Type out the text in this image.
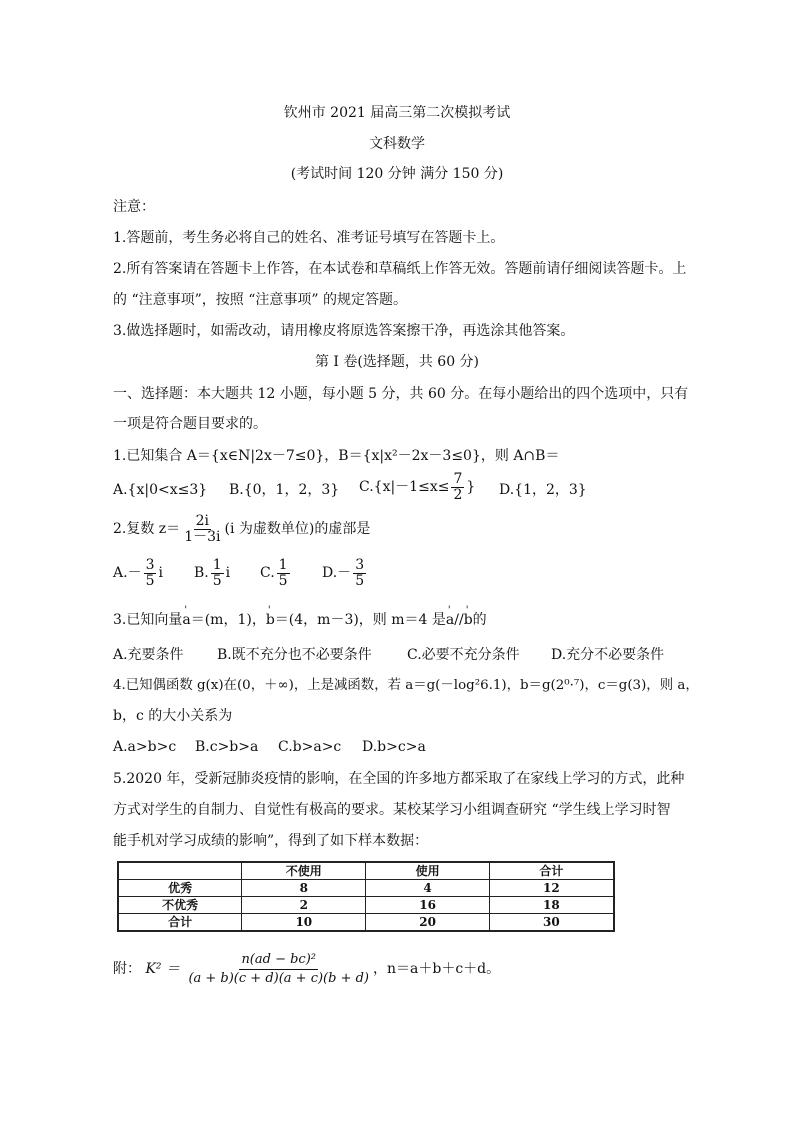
钦州市 2021 届高三第二次模拟考试
文科数学
(考试时间 120 分钟 满分 150 分)
注意：
1.答题前，考生务必将自己的姓名、准考证号填写在答题卡上。
2.所有答案请在答题卡上作答，在本试卷和草稿纸上作答无效。答题前请仔细阅读答题卡。上
的 “注意事项”，按照 “注意事项” 的规定答题。
3.做选择题时，如需改动，请用橡皮将原选答案擦干净，再选涂其他答案。
第 I 卷(选择题，共 60 分)
一、选择题：本大题共 12 小题，每小题 5 分，共 60 分。在每小题给出的四个选项中，只有
一项是符合题目要求的。
1.已知集合 A＝{x∈N|2x－7≤0}，B＝{x|x²－2x－3≤0}，则 A∩B＝
A.{x|0<x≤3} B.{0，1，2，3} $C.\{x|-1\le x\le \frac{7}{2}$ } D.{1，2，3}
2.复数 $z= \frac{2i}{1-3i} (i$ 为虚数单位)的虚部是
$A.- \frac{3}{5}$ i B. $\frac{1}{5}$ i C. $\frac{1}{5} D.- \frac{3}{5}$
3.已知向量' a＝(m，1)，' b＝(4，m－3)，则 m＝4 是' a//' b的
A.充要条件 B.既不充分也不必要条件	C.必要不充分条件 D.充分不必要条件
4.已知偶函数 g(x)在(0，＋∞)，上是减函数，若 a＝g(－log²6.1)，b＝g(2⁰·⁷)，c＝g(3)，则 a，
b，c 的大小关系为
A.a>b>c B.c>b>a C.b>a>c D.b>c>a
5.2020 年，受新冠肺炎疫情的影响，在全国的许多地方都采取了在家线上学习的方式，此种
方式对学生的自制力、自觉性有极高的要求。某校某学习小组调查研究 “学生线上学习时智
能手机对学习成绩的影响”，得到了如下样本数据：
	不使用	使用	合计
优秀	8	4	12
不优秀	2	16	18
合计	10	20	30
附： $K^2 = \frac{\text{n(ad − bc)²}}{(a + b)(c + d)(a + c)(b + d)}$ ，n＝a＋b＋c＋d。
